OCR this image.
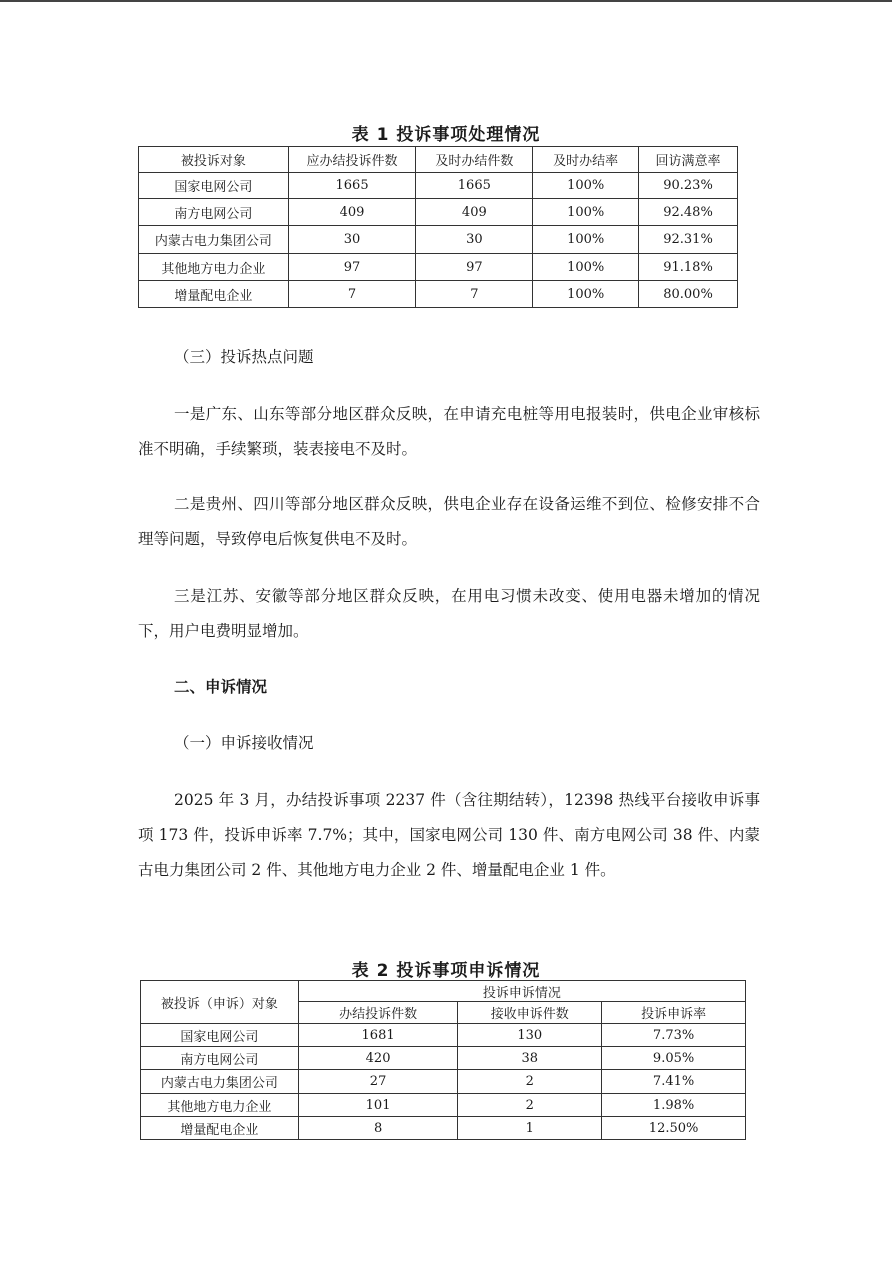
表 1 投诉事项处理情况
被投诉对象	应办结投诉件数	及时办结件数	及时办结率	回访满意率
国家电网公司	1665	1665	100%	90.23%
南方电网公司	409	409	100%	92.48%
内蒙古电力集团公司	30	30	100%	92.31%
其他地方电力企业	97	97	100%	91.18%
增量配电企业	7	7	100%	80.00%

（三）投诉热点问题

一是广东、山东等部分地区群众反映，在申请充电桩等用电报装时，供电企业审核标准不明确，手续繁琐，装表接电不及时。

二是贵州、四川等部分地区群众反映，供电企业存在设备运维不到位、检修安排不合理等问题，导致停电后恢复供电不及时。

三是江苏、安徽等部分地区群众反映，在用电习惯未改变、使用电器未增加的情况下，用户电费明显增加。

二、申诉情况

（一）申诉接收情况

2025 年 3 月，办结投诉事项 2237 件（含往期结转），12398 热线平台接收申诉事项 173 件，投诉申诉率 7.7%；其中，国家电网公司 130 件、南方电网公司 38 件、内蒙古电力集团公司 2 件、其他地方电力企业 2 件、增量配电企业 1 件。

表 2 投诉事项申诉情况
被投诉（申诉）对象	投诉申诉情况		
	办结投诉件数	接收申诉件数	投诉申诉率
国家电网公司	1681	130	7.73%
南方电网公司	420	38	9.05%
内蒙古电力集团公司	27	2	7.41%
其他地方电力企业	101	2	1.98%
增量配电企业	8	1	12.50%
